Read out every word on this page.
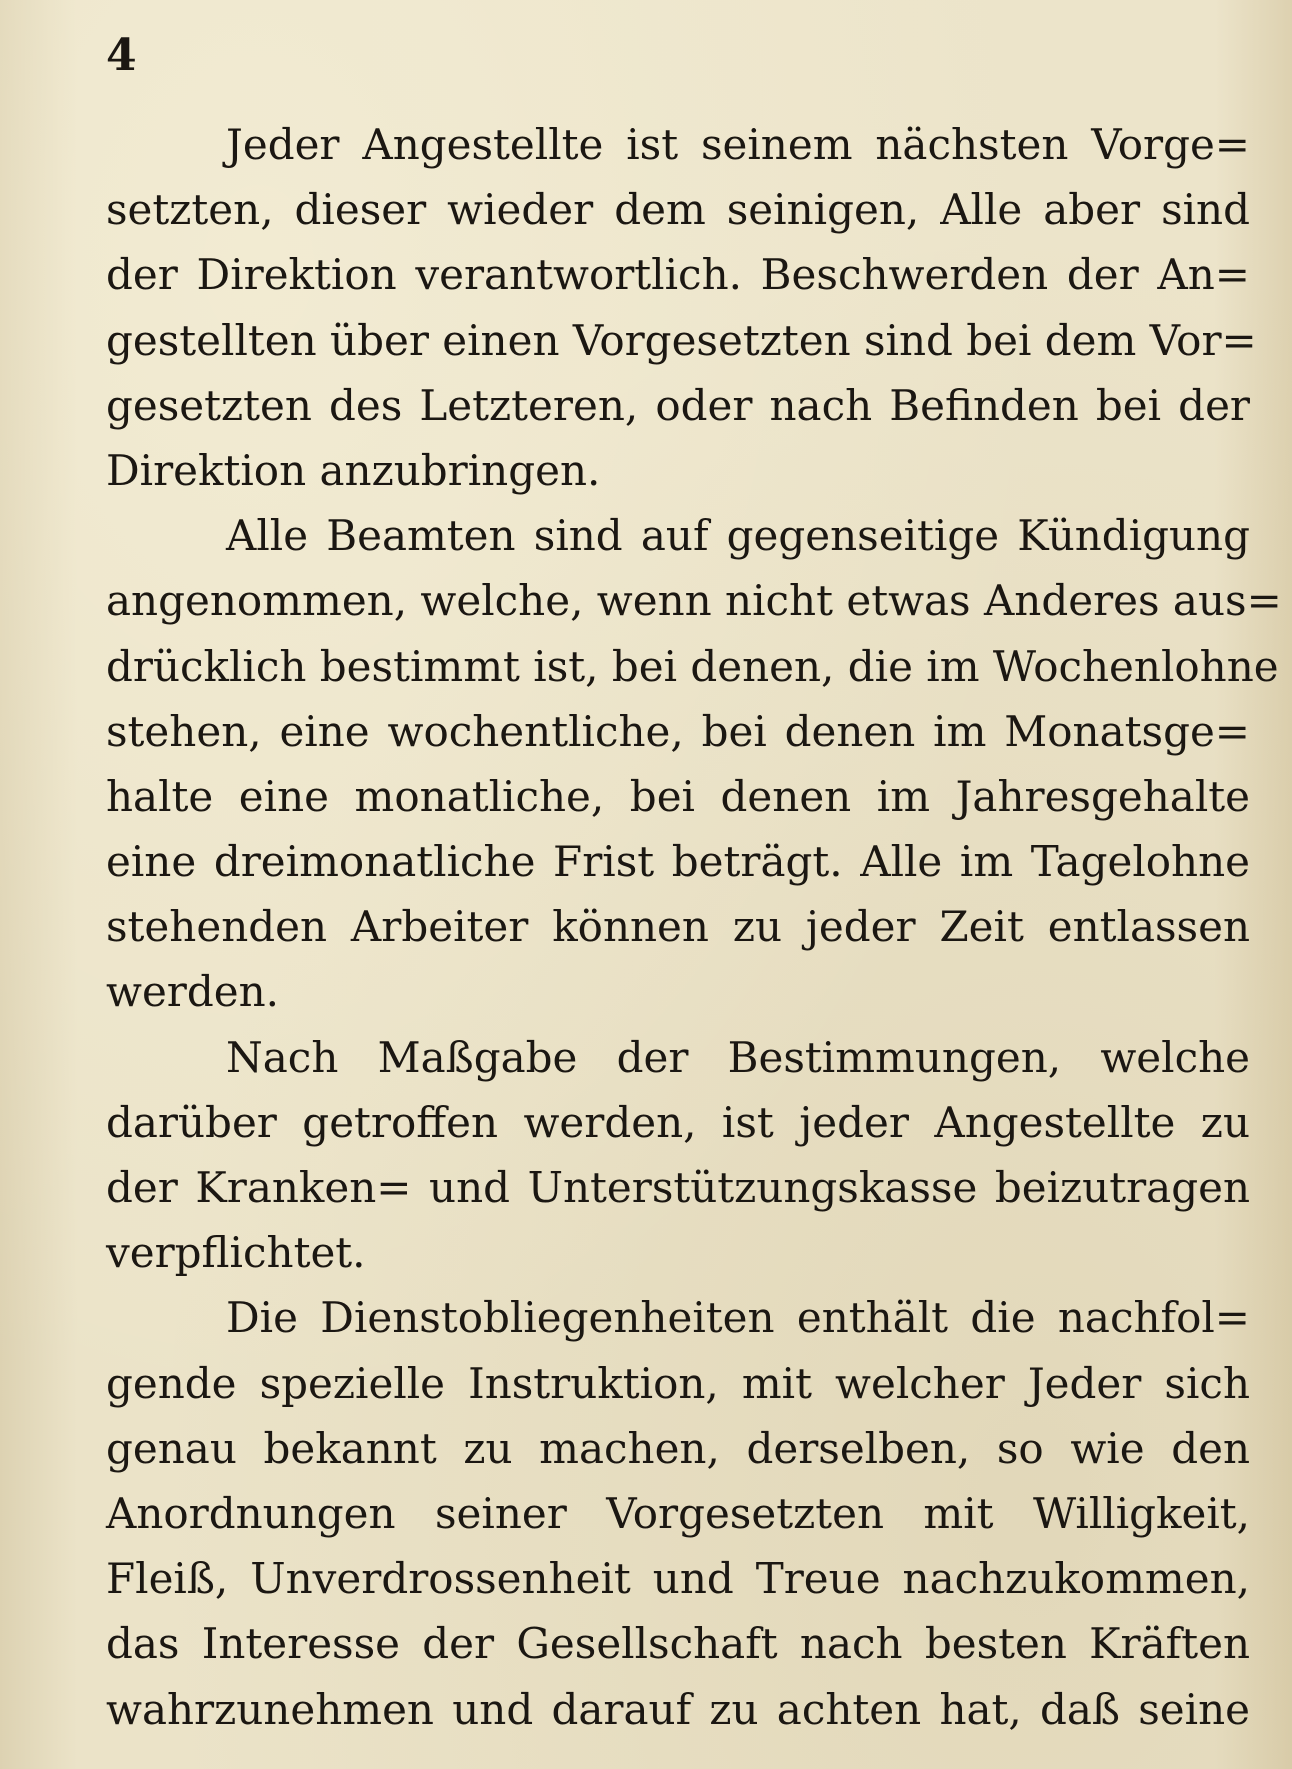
4
Jeder Angestellte ist seinem nächsten Vorge=
setzten, dieser wieder dem seinigen, Alle aber sind
der Direktion verantwortlich. Beschwerden der An=
gestellten über einen Vorgesetzten sind bei dem Vor=
gesetzten des Letzteren, oder nach Befinden bei der
Direktion anzubringen.
Alle Beamten sind auf gegenseitige Kündigung
angenommen, welche, wenn nicht etwas Anderes aus=
drücklich bestimmt ist, bei denen, die im Wochenlohne
stehen, eine wochentliche, bei denen im Monatsge=
halte eine monatliche, bei denen im Jahresgehalte
eine dreimonatliche Frist beträgt. Alle im Tagelohne
stehenden Arbeiter können zu jeder Zeit entlassen
werden.
Nach Maßgabe der Bestimmungen, welche
darüber getroffen werden, ist jeder Angestellte zu
der Kranken= und Unterstützungskasse beizutragen
verpflichtet.
Die Dienstobliegenheiten enthält die nachfol=
gende spezielle Instruktion, mit welcher Jeder sich
genau bekannt zu machen, derselben, so wie den
Anordnungen seiner Vorgesetzten mit Willigkeit,
Fleiß, Unverdrossenheit und Treue nachzukommen,
das Interesse der Gesellschaft nach besten Kräften
wahrzunehmen und darauf zu achten hat, daß seine
